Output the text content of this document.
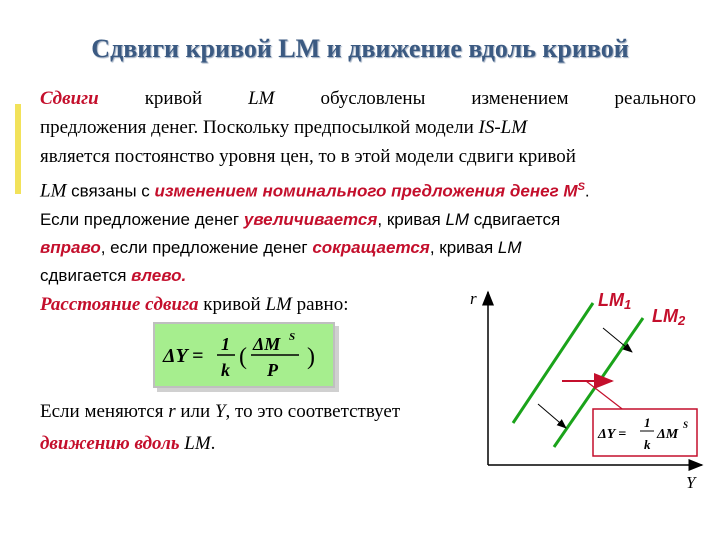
Сдвиги кривой LM и движение вдоль кривой
Сдвиги кривой LM обусловлены изменением реального
предложения денег. Поскольку предпосылкой модели IS-LM
является постоянство уровня цен, то в этой модели сдвиги кривой
LM связаны с изменением номинального предложения денег $M^S$.
Если предложение денег увеличивается, кривая LM сдвигается
вправо, если предложение денег сокращается, кривая LM
сдвигается влево.
Расстояние сдвига кривой LM равно:
ΔY =
1
k ( ΔM S
P )
Если меняются r или Y, то это соответствует
движению вдоль LM.
r
Y
LM1
LM2
ΔY =
1
k
ΔM
S
